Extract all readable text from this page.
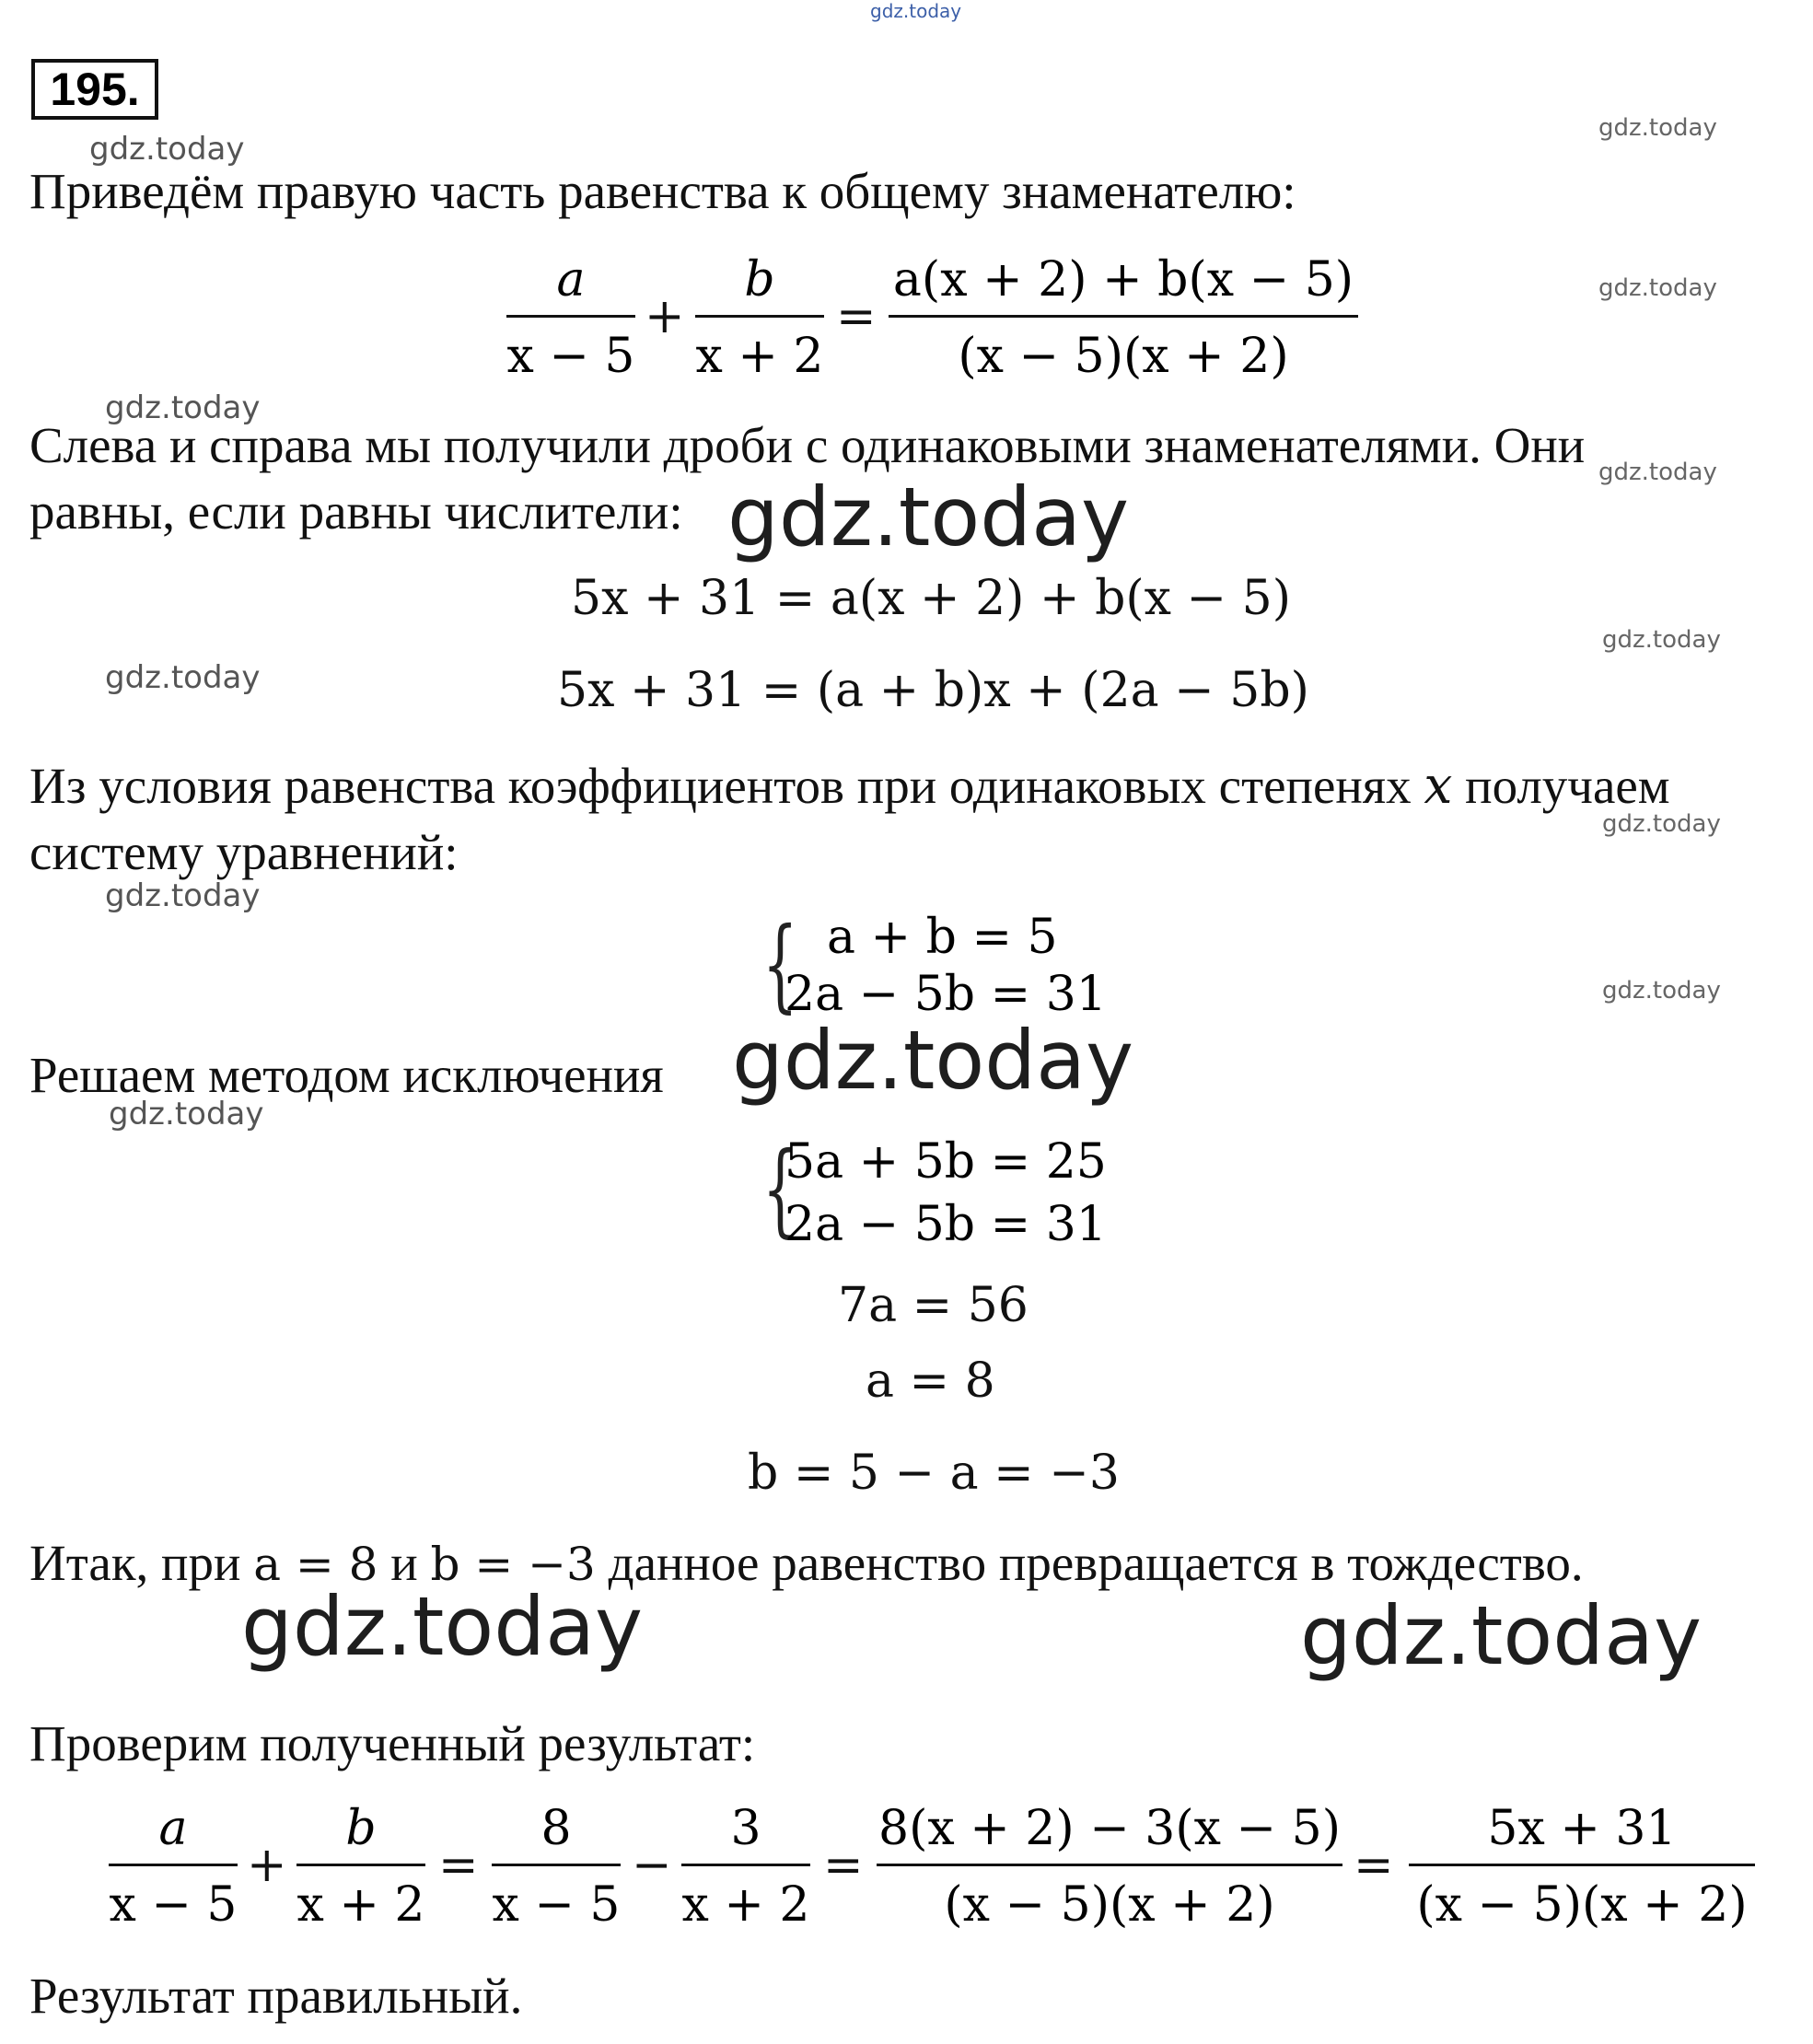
gdz.today
195.
gdz.today
gdz.today
gdz.today
gdz.today
gdz.today
gdz.today
gdz.today
gdz.today
gdz.today
gdz.today
gdz.today
gdz.today
gdz.today
gdz.today	gdz.today
Приведём правую часть равенства к общему знаменателю:
a
x − 5
+
b
x + 2
=
a(x + 2) + b(x − 5)
(x − 5)(x + 2)
Слева и справа мы получили дроби с одинаковыми знаменателями. Они
равны, если равны числители:
5x + 31 = a(x + 2) + b(x − 5)
5x + 31 = (a + b)x + (2a − 5b)
Из условия равенства коэффициентов при одинаковых степенях x получаем
систему уравнений:
{ a + b = 5
2a − 5b = 31
Решаем методом исключения
{
5a + 5b = 25
2a − 5b = 31
7a = 56
a = 8
b = 5 − a = −3
Итак, при a = 8 и b = −3 данное равенство превращается в тождество.
Проверим полученный результат:
a
x − 5
+
b
x + 2
=
8
x − 5
−
3
x + 2
=
8(x + 2) − 3(x − 5)
(x − 5)(x + 2)
=
5x + 31
(x − 5)(x + 2)
Результат правильный.
